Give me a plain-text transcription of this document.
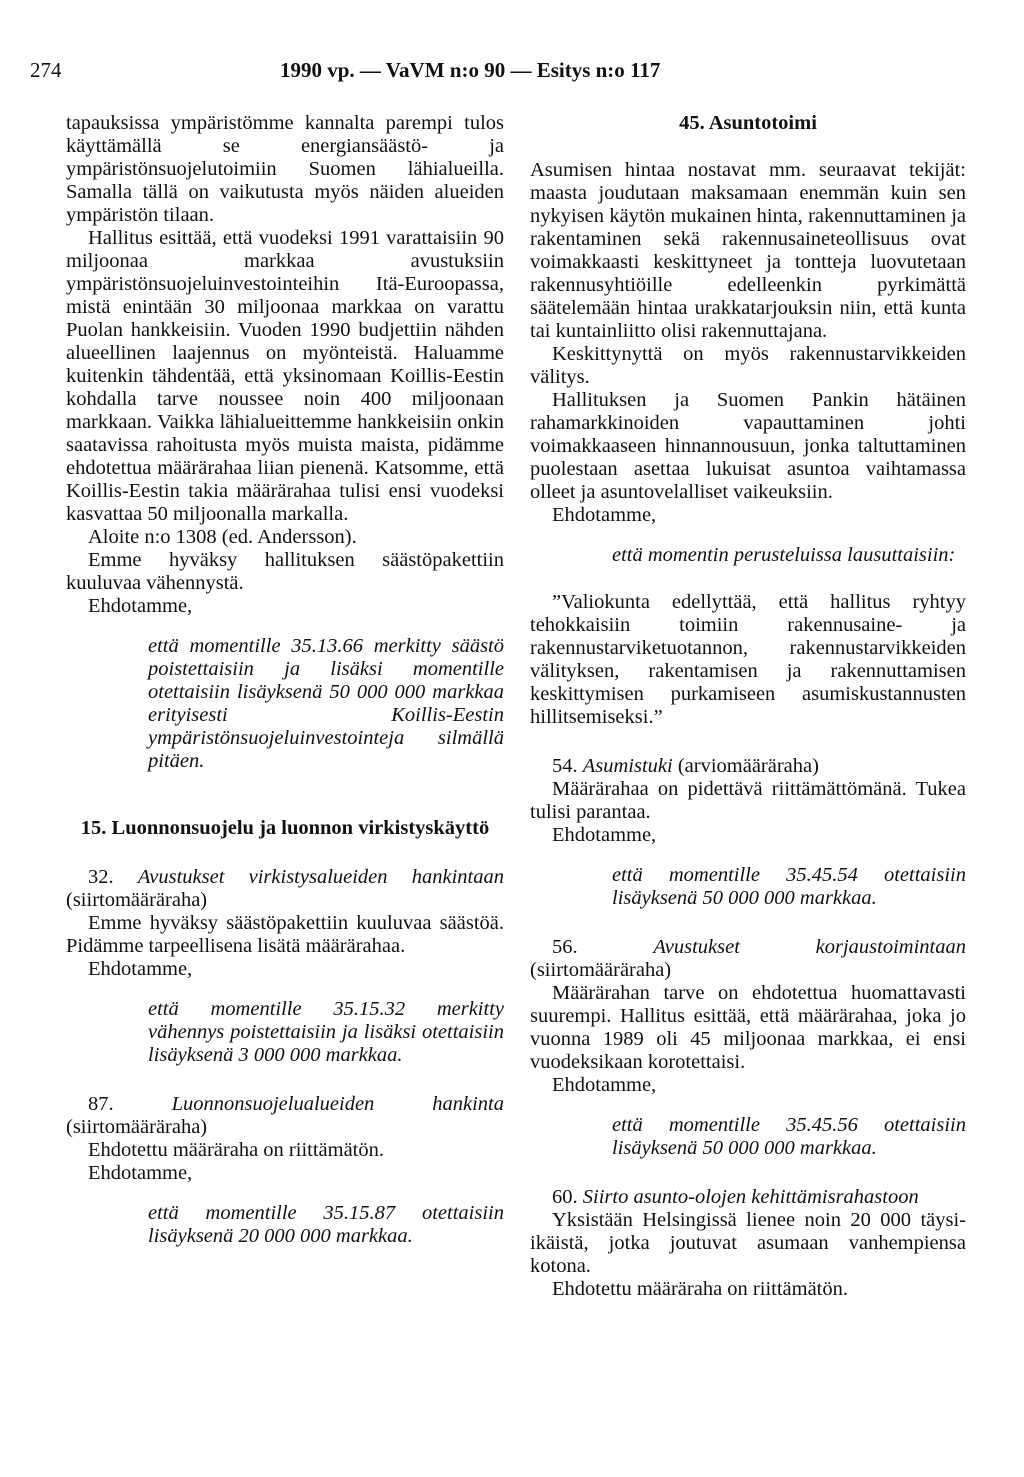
274	1990 vp. — VaVM n:o 90 — Esitys n:o 117

tapauksissa ympäristömme kannalta parempi tulos käyttämällä se energiansäästö- ja ympäristönsuojelutoimiin Suomen lähialueilla. Samalla tällä on vaikutusta myös näiden alueiden ympäristön tilaan.

Hallitus esittää, että vuodeksi 1991 varattaisiin 90 miljoonaa markkaa avustuksiin ympäristönsuojeluinvestointeihin Itä-Euroopassa, mistä enintään 30 miljoonaa markkaa on varattu Puolan hankkeisiin. Vuoden 1990 budjettiin nähden alueellinen laajennus on myönteistä. Haluamme kuitenkin tähdentää, että yksinomaan Koillis-Eestin kohdalla tarve noussee noin 400 miljoonaan markkaan. Vaikka lähialueittemme hankkeisiin onkin saatavissa rahoitusta myös muista maista, pidämme ehdotettua määrärahaa liian pienenä. Katsomme, että Koillis-Eestin takia määrärahaa tulisi ensi vuodeksi kasvattaa 50 miljoonalla markalla.

Aloite n:o 1308 (ed. Andersson).

Emme hyväksy hallituksen säästöpakettiin kuuluvaa vähennystä.

Ehdotamme,

että momentille 35.13.66 merkitty säästö poistettaisiin ja lisäksi momentille otettaisiin lisäyksenä 50 000 000 markkaa erityisesti Koillis-Eestin ympäristönsuojeluinvestointeja silmällä pitäen.

15. Luonnonsuojelu ja luonnon virkistyskäyttö

32. Avustukset virkistysalueiden hankintaan (siirtomääräraha)

Emme hyväksy säästöpakettiin kuuluvaa säästöä. Pidämme tarpeellisena lisätä määrärahaa.

Ehdotamme,

että momentille 35.15.32 merkitty vähennys poistettaisiin ja lisäksi otettaisiin lisäyksenä 3 000 000 markkaa.

87.	Luonnonsuojelualueiden hankinta (siirtomääräraha)

Ehdotettu määräraha on riittämätön.

Ehdotamme,

että momentille 35.15.87 otettaisiin lisäyksenä 20 000 000 markkaa.

45. Asuntotoimi

Asumisen hintaa nostavat mm. seuraavat tekijät: maasta joudutaan maksamaan enemmän kuin sen nykyisen käytön mukainen hinta, rakennuttaminen ja rakentaminen sekä rakennusaineteollisuus ovat voimakkaasti keskittyneet ja tontteja luovutetaan rakennusyhtiöille edelleenkin pyrkimättä säätelemään hintaa urakkatarjouksin niin, että kunta tai kuntainliitto olisi rakennuttajana.

Keskittynyttä on myös rakennustarvikkeiden välitys.

Hallituksen ja Suomen Pankin hätäinen rahamarkkinoiden vapauttaminen johti voimakkaaseen hinnannousuun, jonka taltuttaminen puolestaan asettaa lukuisat asuntoa vaihtamassa olleet ja asuntovelalliset vaikeuksiin.

Ehdotamme,

että momentin perusteluissa lausuttaisiin:

”Valiokunta edellyttää, että hallitus ryhtyy tehokkaisiin toimiin rakennusaine- ja rakennustarviketuotannon, rakennustarvikkeiden välityksen, rakentamisen ja rakennuttamisen keskittymisen purkamiseen asumiskustannusten hillitsemiseksi.”

54. Asumistuki (arviomääräraha)

Määrärahaa on pidettävä riittämättömänä. Tukea tulisi parantaa.

Ehdotamme,

että momentille 35.45.54 otettaisiin lisäyksenä 50 000 000 markkaa.

56.	Avustukset korjaustoimintaan (siirtomääräraha)

Määrärahan tarve on ehdotettua huomattavasti suurempi. Hallitus esittää, että määrärahaa, joka jo vuonna 1989 oli 45 miljoonaa markkaa, ei ensi vuodeksikaan korotettaisi.

Ehdotamme,

että momentille 35.45.56 otettaisiin lisäyksenä 50 000 000 markkaa.

60. Siirto asunto-olojen kehittämisrahastoon

Yksistään Helsingissä lienee noin 20 000 täysi-ikäistä, jotka joutuvat asumaan vanhempiensa kotona.

Ehdotettu määräraha on riittämätön.
